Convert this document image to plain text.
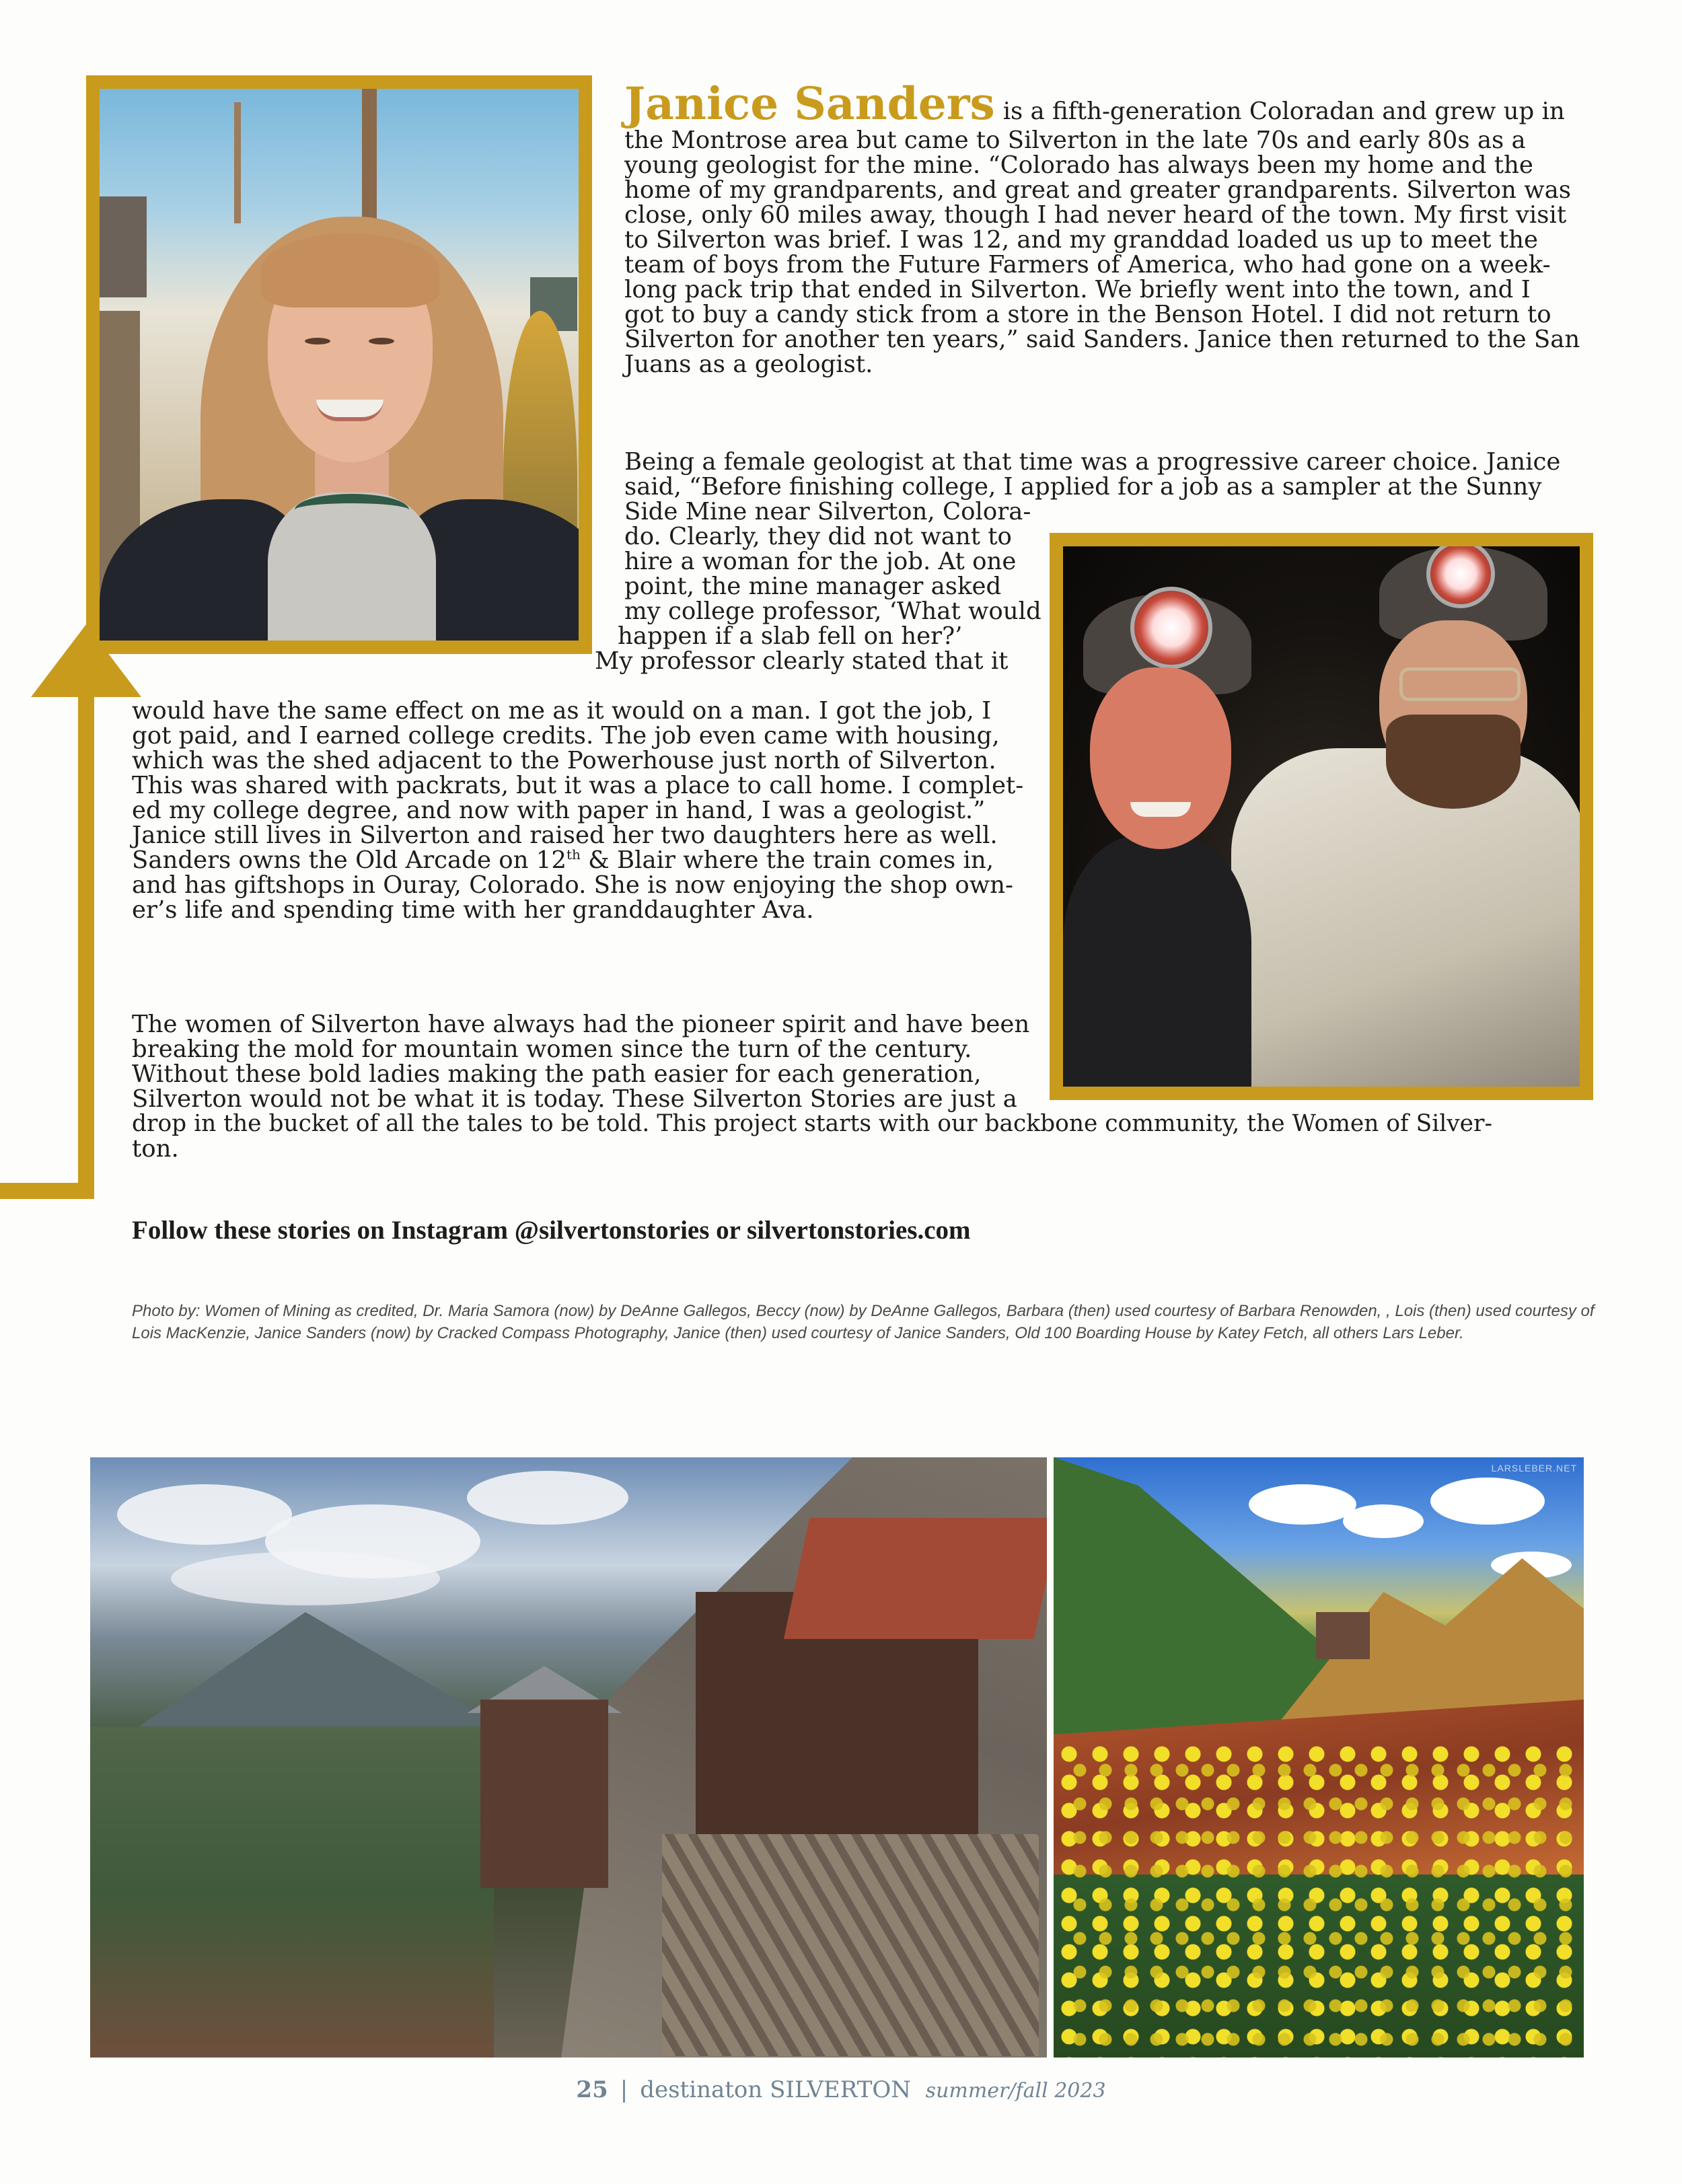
Janice Sanders is a fifth-generation Coloradan and grew up in
the Montrose area but came to Silverton in the late 70s and early 80s as a
young geologist for the mine. “Colorado has always been my home and the
home of my grandparents, and great and greater grandparents. Silverton was
close, only 60 miles away, though I had never heard of the town. My first visit
to Silverton was brief. I was 12, and my granddad loaded us up to meet the
team of boys from the Future Farmers of America, who had gone on a week-
long pack trip that ended in Silverton. We briefly went into the town, and I
got to buy a candy stick from a store in the Benson Hotel. I did not return to
Silverton for another ten years,” said Sanders. Janice then returned to the San
Juans as a geologist.
Being a female geologist at that time was a progressive career choice. Janice
said, “Before finishing college, I applied for a job as a sampler at the Sunny
Side Mine near Silverton, Colora-
do. Clearly, they did not want to
hire a woman for the job. At one
point, the mine manager asked
my college professor, ‘What would
happen if a slab fell on her?’
My professor clearly stated that it
would have the same effect on me as it would on a man. I got the job, I
got paid, and I earned college credits. The job even came with housing,
which was the shed adjacent to the Powerhouse just north of Silverton.
This was shared with packrats, but it was a place to call home. I complet-
ed my college degree, and now with paper in hand, I was a geologist.”
Janice still lives in Silverton and raised her two daughters here as well.
Sanders owns the Old Arcade on 12th & Blair where the train comes in,
and has giftshops in Ouray, Colorado. She is now enjoying the shop own-
er’s life and spending time with her granddaughter Ava.
The women of Silverton have always had the pioneer spirit and have been
breaking the mold for mountain women since the turn of the century.
Without these bold ladies making the path easier for each generation,
Silverton would not be what it is today. These Silverton Stories are just a
drop in the bucket of all the tales to be told. This project starts with our backbone community, the Women of Silver-
ton.
Follow these stories on Instagram @silvertonstories or silvertonstories.com
Photo by: Women of Mining as credited, Dr. Maria Samora (now) by DeAnne Gallegos, Beccy (now) by DeAnne Gallegos, Barbara (then) used courtesy of Barbara Renowden, , Lois (then) used courtesy of Lois MacKenzie, Janice Sanders (now) by Cracked Compass Photography, Janice (then) used courtesy of Janice Sanders, Old 100 Boarding House by Katey Fetch, all others Lars Leber.
LARSLEBER.NET
25 | destinaton SILVERTON summer/fall 2023
